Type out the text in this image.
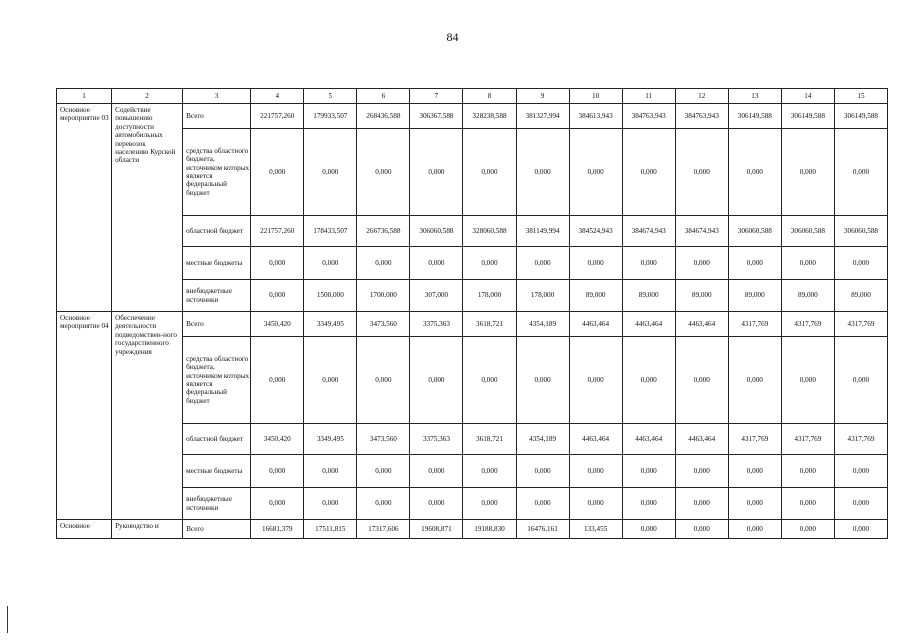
84
1	2	3	4	5	6	7	8	9	10	11	12	13	14	15
Основное мероприятие 03	Содействие повышению доступности автомобильных перевозок населению Курской области	Всего	221757,260	179933,507	268436,588	306367,588	328238,588	381327,994	384613,943	384763,943	384763,943	306149,588	306149,588	306149,588
		средства областного бюджета, источником которых является федеральный бюджет	0,000	0,000	0,000	0,000	0,000	0,000	0,000	0,000	0,000	0,000	0,000	0,000
		областной бюджет	221757,260	178433,507	266736,588	306060,588	328060,588	381149,994	384524,943	384674,943	384674,943	306060,588	306060,588	306060,588
		местные бюджеты	0,000	0,000	0,000	0,000	0,000	0,000	0,000	0,000	0,000	0,000	0,000	0,000
		внебюджетные источники	0,000	1500,000	1700,000	307,000	178,000	178,000	89,000	89,000	89,000	89,000	89,000	89,000
Основное мероприятие 04	Обеспечение деятельности подведомствен-ного государственного учреждения	Всего	3450,420	3349,495	3473,560	3375,363	3618,721	4354,189	4463,464	4463,464	4463,464	4317,769	4317,769	4317,769
		средства областного бюджета, источником которых является федеральный бюджет	0,000	0,000	0,000	0,000	0,000	0,000	0,000	0,000	0,000	0,000	0,000	0,000
		областной бюджет	3450,420	3349,495	3473,560	3375,363	3618,721	4354,189	4463,464	4463,464	4463,464	4317,769	4317,769	4317,769
		местные бюджеты	0,000	0,000	0,000	0,000	0,000	0,000	0,000	0,000	0,000	0,000	0,000	0,000
		внебюджетные источники	0,000	0,000	0,000	0,000	0,000	0,000	0,000	0,000	0,000	0,000	0,000	0,000
Основное	Руководство и	Всего	16681,379	17511,815	17317,606	19608,871	19188,830	16476,161	133,455	0,000	0,000	0,000	0,000	0,000
